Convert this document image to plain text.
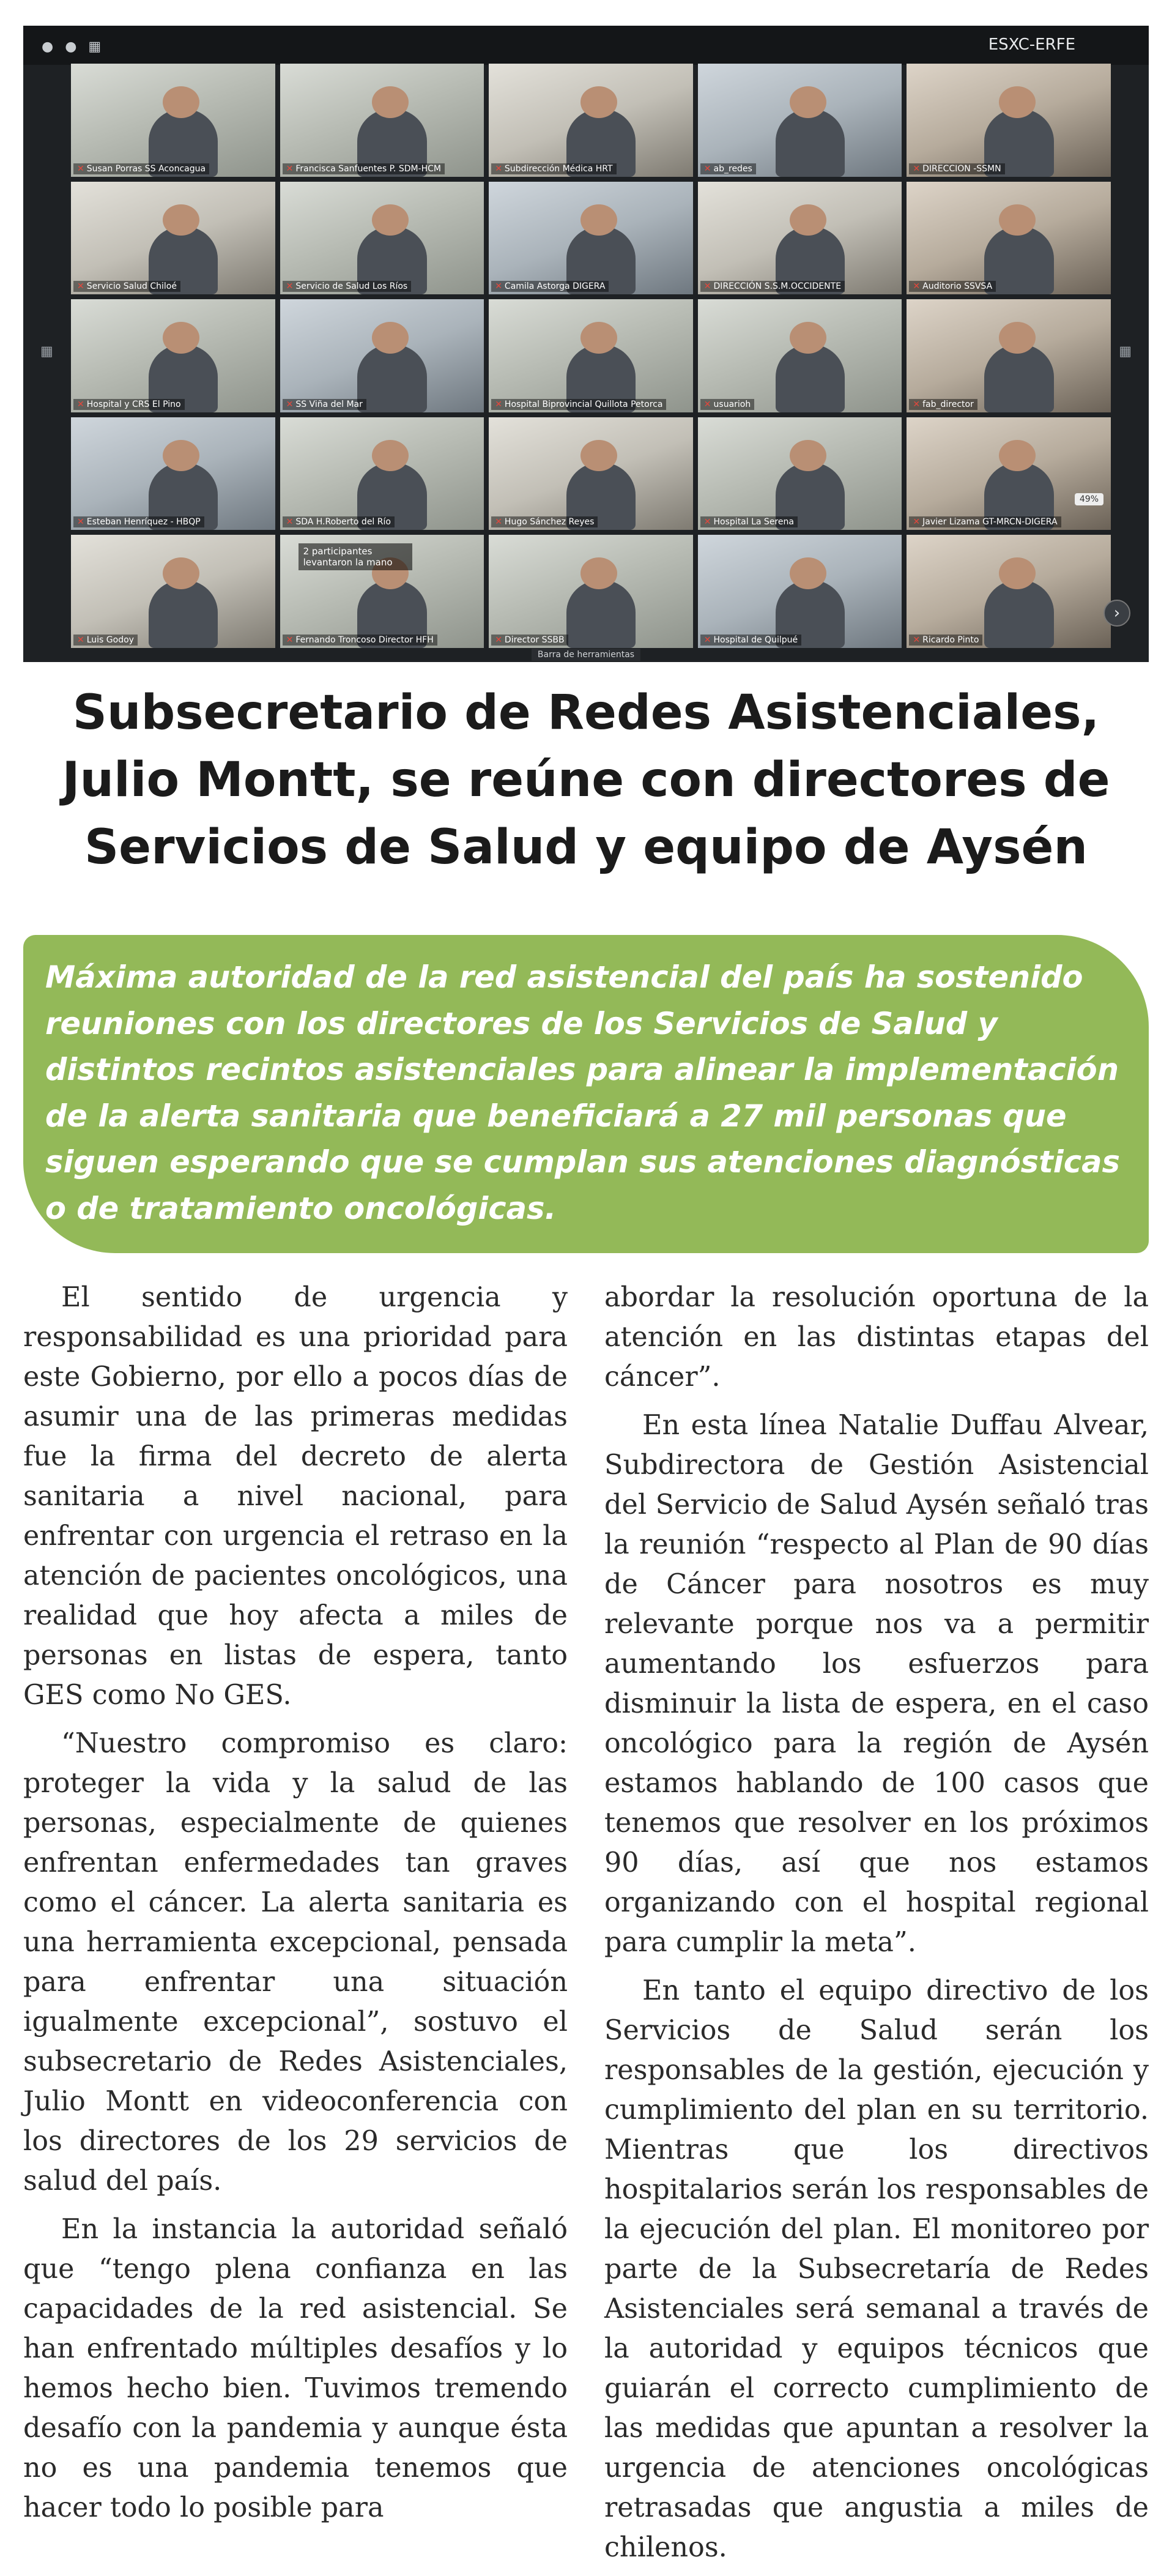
● ● ▦	ESXC-ERFE
▦	▦
✕ Susan Porras SS Aconcagua	✕ Francisca Sanfuentes P. SDM-HCM	✕ Subdirección Médica HRT	✕ ab_redes	✕ DIRECCION -SSMN
✕ Servicio Salud Chiloé	✕ Servicio de Salud Los Ríos	✕ Camila Astorga DIGERA	✕ DIRECCIÓN S.S.M.OCCIDENTE	✕ Auditorio SSVSA
✕ Hospital y CRS El Pino	✕ SS Viña del Mar	✕ Hospital Biprovincial Quillota Petorca	✕ usuarioh	✕ fab_director
✕ Esteban Henríquez - HBQP	✕ SDA H.Roberto del Río	✕ Hugo Sánchez Reyes	✕ Hospital La Serena	✕ Javier Lizama GT-MRCN-DIGERA
49%
✕ Luis Godoy	✕ Fernando Troncoso Director HFH
2 participantes levantaron la mano
✕ Director SSBB	✕ Hospital de Quilpué	✕ Ricardo Pinto
›
Barra de herramientas
Subsecretario de Redes Asistenciales, Julio Montt, se reúne con directores de Servicios de Salud y equipo de Aysén

Máxima autoridad de la red asistencial del país ha sostenido reuniones con los directores de los Servicios de Salud y distintos recintos asistenciales para alinear la implementación de la alerta sanitaria que beneficiará a 27 mil personas que siguen esperando que se cumplan sus atenciones diagnósticas o de tratamiento oncológicas.

El sentido de urgencia y responsabilidad es una prioridad para este Gobierno, por ello a pocos días de asumir una de las primeras medidas fue la firma del decreto de alerta sanitaria a nivel nacional, para enfrentar con urgencia el retraso en la atención de pacientes oncológicos, una realidad que hoy afecta a miles de personas en listas de espera, tanto GES como No GES.

“Nuestro compromiso es claro: proteger la vida y la salud de las personas, especialmente de quienes enfrentan enfermedades tan graves como el cáncer. La alerta sanitaria es una herramienta excepcional, pensada para enfrentar una situación igualmente excepcional”, sostuvo el subsecretario de Redes Asistenciales, Julio Montt en videoconferencia con los directores de los 29 servicios de salud del país.

En la instancia la autoridad señaló que “tengo plena confianza en las capacidades de la red asistencial. Se han enfrentado múltiples desafíos y lo hemos hecho bien. Tuvimos tremendo desafío con la pandemia y aunque ésta no es una pandemia tenemos que hacer todo lo posible para

abordar la resolución oportuna de la atención en las distintas etapas del cáncer”.

En esta línea Natalie Duffau Alvear, Subdirectora de Gestión Asistencial del Servicio de Salud Aysén señaló tras la reunión “respecto al Plan de 90 días de Cáncer para nosotros es muy relevante porque nos va a permitir aumentando los esfuerzos para disminuir la lista de espera, en el caso oncológico para la región de Aysén estamos hablando de 100 casos que tenemos que resolver en los próximos 90 días, así que nos estamos organizando con el hospital regional para cumplir la meta”.

En tanto el equipo directivo de los Servicios de Salud serán los responsables de la gestión, ejecución y cumplimiento del plan en su territorio. Mientras que los directivos hospitalarios serán los responsables de la ejecución del plan. El monitoreo por parte de la Subsecretaría de Redes Asistenciales será semanal a través de la autoridad y equipos técnicos que guiarán el correcto cumplimiento de las medidas que apuntan a resolver la urgencia de atenciones oncológicas retrasadas que angustia a miles de chilenos.
